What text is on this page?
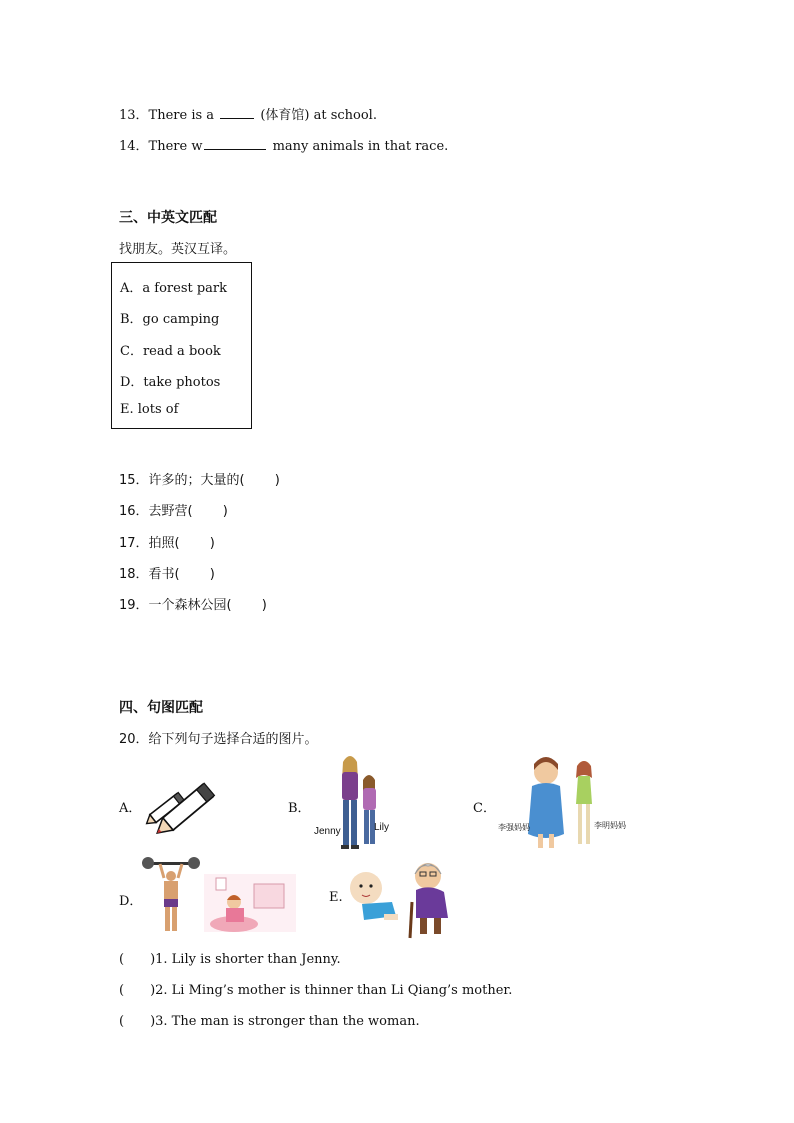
13．There is a	(体育馆) at school.
14．There w	many animals in that race.
三、中英文匹配
找朋友。英汉互译。
A．a forest park
B．go camping
C．read a book
D．take photos
E. lots of
15．许多的；大量的(　　 )
16．去野营(　　 )
17．拍照(　　 )
18．看书(　　 )
19．一个森林公园(　　 )
四、句图匹配
20．给下列句子选择合适的图片。
A．	B．
Jenny	Lily
C．
李强妈妈	李明妈妈
D．	E.
(　　)1. Lily is shorter than Jenny.
(　　)2. Li Ming’s mother is thinner than Li Qiang’s mother.
(　　)3. The man is stronger than the woman.
